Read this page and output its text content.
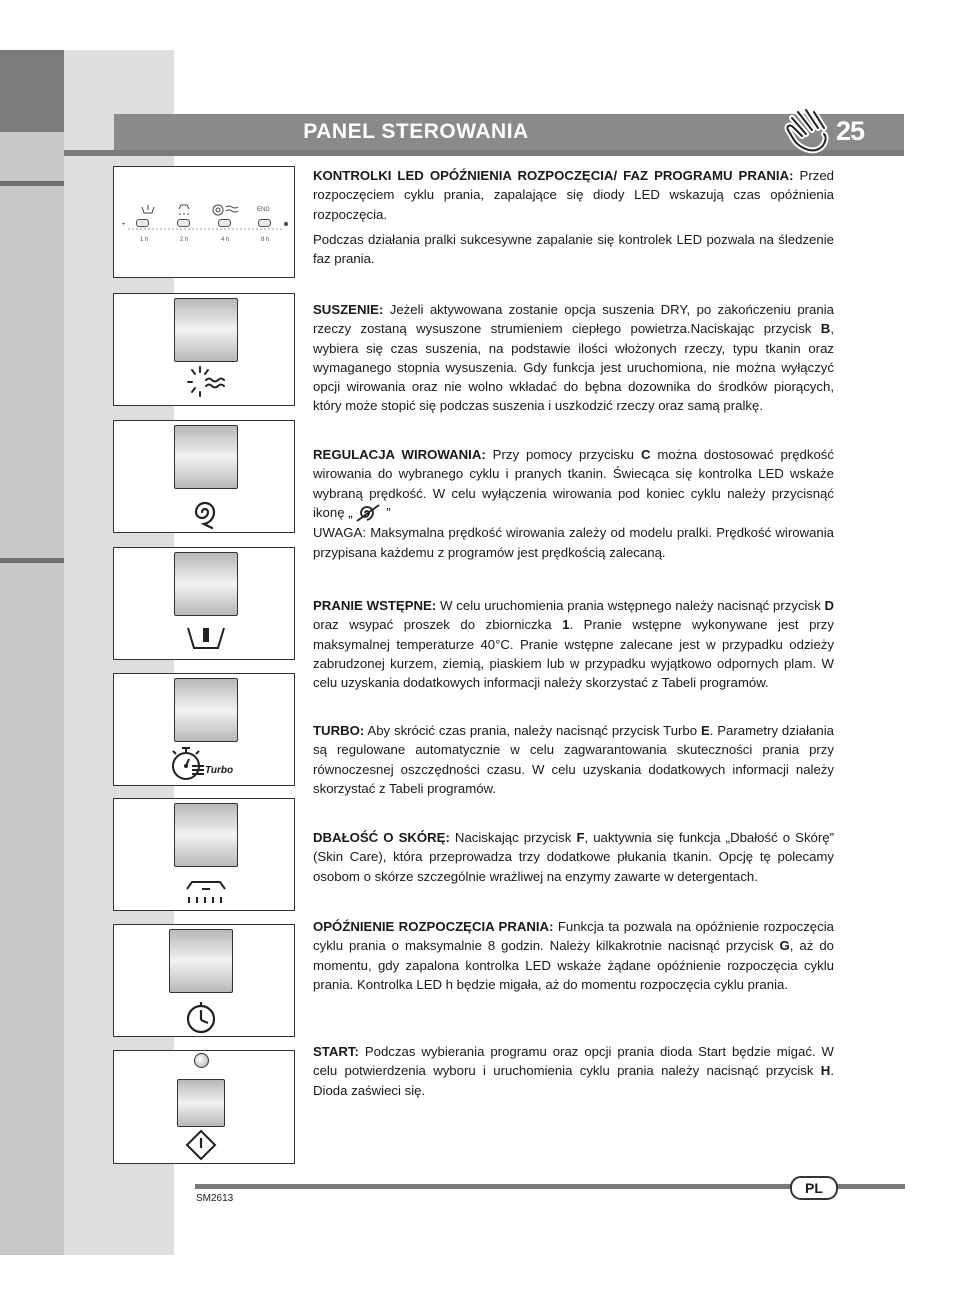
PANEL STEROWANIA	25
END
1 h	2 h	4 h	8 h
Turbo

KONTROLKI LED OPÓŹNIENIA ROZPOCZĘCIA/ FAZ PROGRAMU PRANIA: Przed rozpoczęciem cyklu prania, zapalające się diody LED wskazują czas opóźnienia rozpoczęcia.

Podczas działania pralki sukcesywne zapalanie się kontrolek LED pozwala na śledzenie faz prania.

SUSZENIE: Jeżeli aktywowana zostanie opcja suszenia DRY, po zakończeniu prania rzeczy zostaną wysuszone strumieniem ciepłego powietrza.Naciskając przycisk B, wybiera się czas suszenia, na podstawie ilości włożonych rzeczy, typu tkanin oraz wymaganego stopnia wysuszenia. Gdy funkcja jest uruchomiona, nie można wyłączyć opcji wirowania oraz nie wolno wkładać do bębna dozownika do środków piorących, który może stopić się podczas suszenia i uszkodzić rzeczy oraz samą pralkę.

REGULACJA WIROWANIA: Przy pomocy przycisku C można dostosować prędkość wirowania do wybranego cyklu i pranych tkanin. Świecąca się kontrolka LED wskaże wybraną prędkość. W celu wyłączenia wirowania pod koniec cyklu należy przycisnąć ikonę „ ”

UWAGA: Maksymalna prędkość wirowania zależy od modelu pralki. Prędkość wirowania przypisana każdemu z programów jest prędkością zalecaną.

PRANIE WSTĘPNE: W celu uruchomienia prania wstępnego należy nacisnąć przycisk D oraz wsypać proszek do zbiorniczka 1. Pranie wstępne wykonywane jest przy maksymalnej temperaturze 40°C. Pranie wstępne zalecane jest w przypadku odzieży zabrudzonej kurzem, ziemią, piaskiem lub w przypadku wyjątkowo odpornych plam. W celu uzyskania dodatkowych informacji należy skorzystać z Tabeli programów.

TURBO: Aby skrócić czas prania, należy nacisnąć przycisk Turbo E. Parametry działania są regulowane automatycznie w celu zagwarantowania skuteczności prania przy równoczesnej oszczędności czasu. W celu uzyskania dodatkowych informacji należy skorzystać z Tabeli programów.

DBAŁOŚĆ O SKÓRĘ: Naciskając przycisk F, uaktywnia się funkcja „Dbałość o Skórę” (Skin Care), która przeprowadza trzy dodatkowe płukania tkanin. Opcję tę polecamy osobom o skórze szczególnie wrażliwej na enzymy zawarte w detergentach.

OPÓŹNIENIE ROZPOCZĘCIA PRANIA: Funkcja ta pozwala na opóźnienie rozpoczęcia cyklu prania o maksymalnie 8 godzin. Należy kilkakrotnie nacisnąć przycisk G, aż do momentu, gdy zapalona kontrolka LED wskaże żądane opóźnienie rozpoczęcia cyklu prania. Kontrolka LED h będzie migała, aż do momentu rozpoczęcia cyklu prania.

START: Podczas wybierania programu oraz opcji prania dioda Start będzie migać. W celu potwierdzenia wyboru i uruchomienia cyklu prania należy nacisnąć przycisk H. Dioda zaświeci się.

PL
SM2613
